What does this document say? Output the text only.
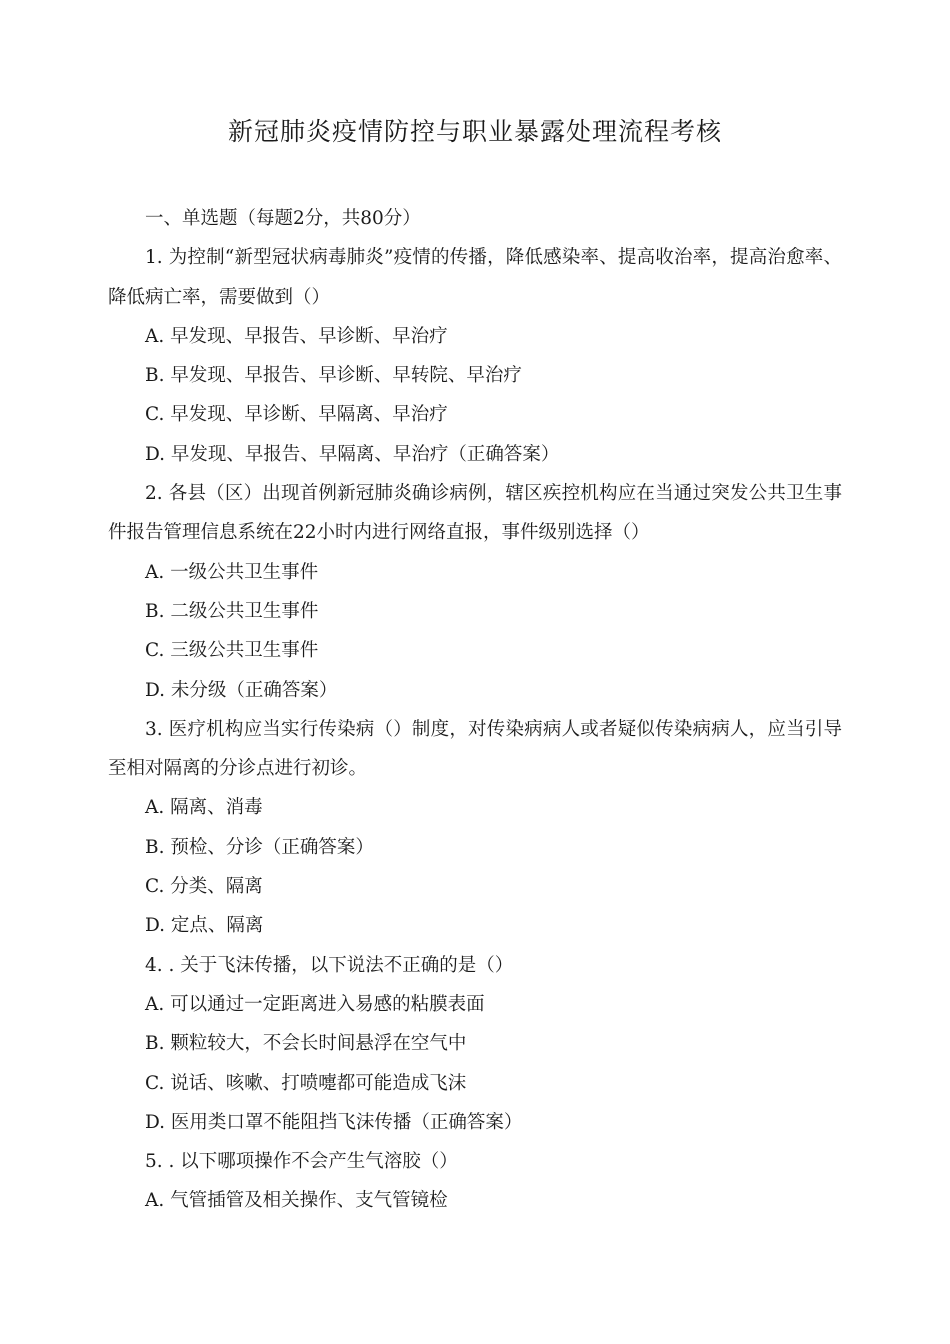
新冠肺炎疫情防控与职业暴露处理流程考核

一、单选题（每题2分，共80分）

1. 为控制“新型冠状病毒肺炎”疫情的传播，降低感染率、提高收治率，提高治愈率、降低病亡率，需要做到（）

A. 早发现、早报告、早诊断、早治疗

B. 早发现、早报告、早诊断、早转院、早治疗

C. 早发现、早诊断、早隔离、早治疗

D. 早发现、早报告、早隔离、早治疗（正确答案）

2. 各县（区）出现首例新冠肺炎确诊病例，辖区疾控机构应在当通过突发公共卫生事件报告管理信息系统在22小时内进行网络直报，事件级别选择（）

A. 一级公共卫生事件

B. 二级公共卫生事件

C. 三级公共卫生事件

D. 未分级（正确答案）

3. 医疗机构应当实行传染病（）制度，对传染病病人或者疑似传染病病人，应当引导至相对隔离的分诊点进行初诊。

A. 隔离、消毒

B. 预检、分诊（正确答案）

C. 分类、隔离

D. 定点、隔离

4. . 关于飞沫传播，以下说法不正确的是（）

A. 可以通过一定距离进入易感的粘膜表面

B. 颗粒较大，不会长时间悬浮在空气中

C. 说话、咳嗽、打喷嚏都可能造成飞沫

D. 医用类口罩不能阻挡飞沫传播（正确答案）

5. . 以下哪项操作不会产生气溶胶（）

A. 气管插管及相关操作、支气管镜检
